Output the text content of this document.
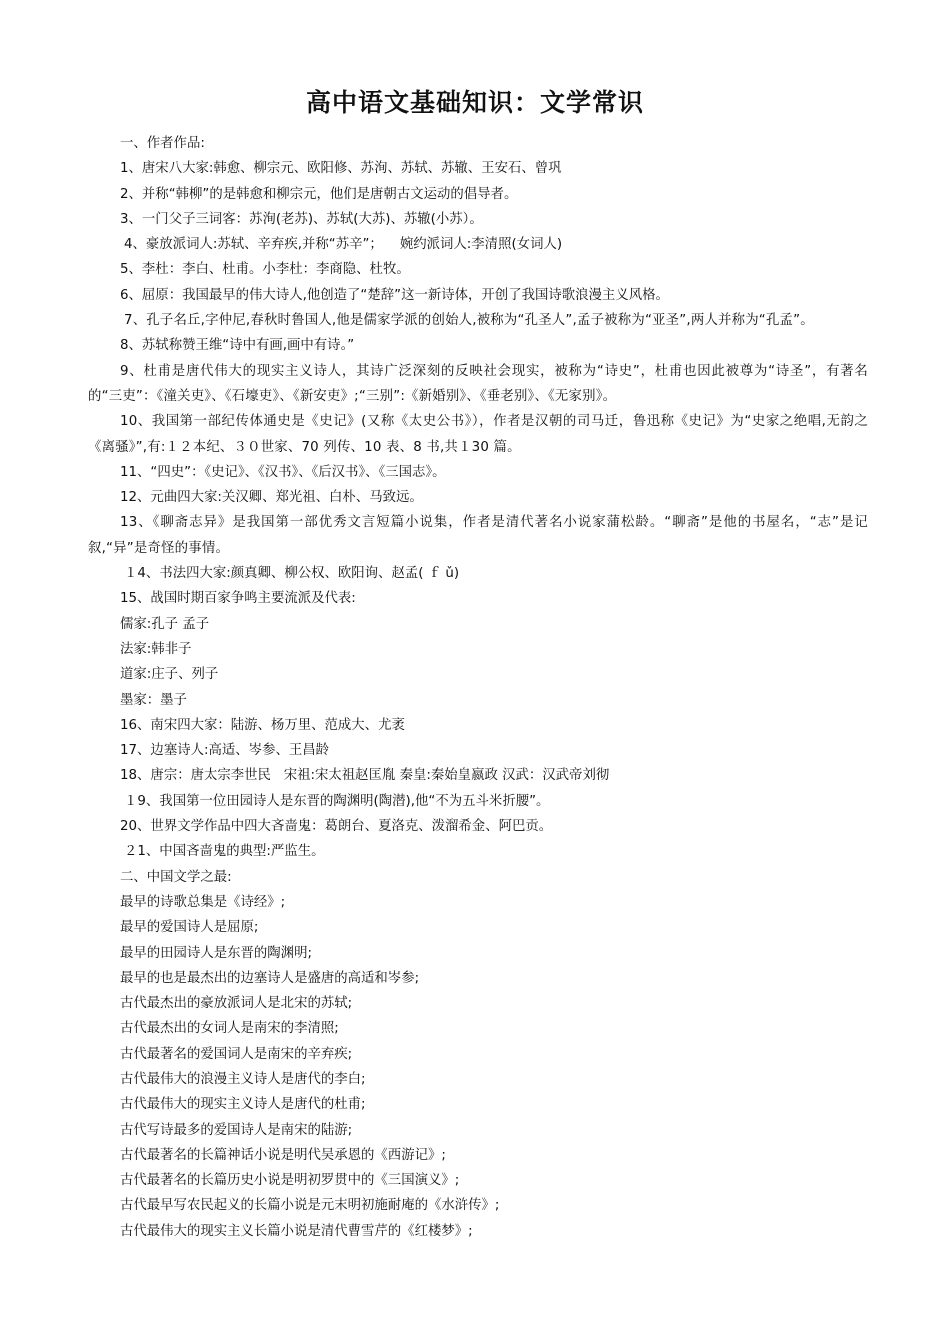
高中语文基础知识：文学常识
一、作者作品:
1、唐宋八大家:韩愈、柳宗元、欧阳修、苏洵、苏轼、苏辙、王安石、曾巩
2、并称“韩柳”的是韩愈和柳宗元，他们是唐朝古文运动的倡导者。
3、一门父子三词客：苏洵(老苏)、苏轼(大苏)、苏辙(小苏）。
4、豪放派词人:苏轼、辛弃疾,并称“苏辛”；    婉约派词人:李清照(女词人)
5、李杜：李白、杜甫。小李杜：李商隐、杜牧。
6、屈原：我国最早的伟大诗人,他创造了“楚辞”这一新诗体，开创了我国诗歌浪漫主义风格。
7、孔子名丘,字仲尼,春秋时鲁国人,他是儒家学派的创始人,被称为“孔圣人”,孟子被称为“亚圣”,两人并称为“孔孟”。
8、苏轼称赞王维“诗中有画,画中有诗。”
9、杜甫是唐代伟大的现实主义诗人，其诗广泛深刻的反映社会现实，被称为“诗史”，杜甫也因此被尊为“诗圣”，有著名的“三吏”：《潼关吏》、《石壕吏》、《新安吏》;“三别”:《新婚别》、《垂老别》、《无家别》。
10、我国第一部纪传体通史是《史记》(又称《太史公书》），作者是汉朝的司马迁，鲁迅称《史记》为“史家之绝唱,无韵之《离骚》”,有:１２本纪、３０世家、70 列传、10 表、8 书,共１30 篇。
11、“四史”：《史记》、《汉书》、《后汉书》、《三国志》。
12、元曲四大家:关汉卿、郑光祖、白朴、马致远。
13、《聊斋志异》是我国第一部优秀文言短篇小说集，作者是清代著名小说家蒲松龄。“聊斋”是他的书屋名，“志”是记叙,“异”是奇怪的事情。
１4、书法四大家:颜真卿、柳公权、欧阳询、赵孟( ｆ ǔ)
15、战国时期百家争鸣主要流派及代表:
儒家:孔子 孟子
法家:韩非子
道家:庄子、列子
墨家：墨子
16、南宋四大家：陆游、杨万里、范成大、尤袤
17、边塞诗人:高适、岑参、王昌龄
18、唐宗：唐太宗李世民   宋祖:宋太祖赵匡胤 秦皇:秦始皇嬴政 汉武：汉武帝刘彻
１9、我国第一位田园诗人是东晋的陶渊明(陶潜),他“不为五斗米折腰”。
20、世界文学作品中四大吝啬鬼：葛朗台、夏洛克、泼溜希金、阿巴贡。
２1、中国吝啬鬼的典型:严监生。
二、中国文学之最:
最早的诗歌总集是《诗经》;
最早的爱国诗人是屈原;
最早的田园诗人是东晋的陶渊明;
最早的也是最杰出的边塞诗人是盛唐的高适和岑参;
古代最杰出的豪放派词人是北宋的苏轼;
古代最杰出的女词人是南宋的李清照;
古代最著名的爱国词人是南宋的辛弃疾;
古代最伟大的浪漫主义诗人是唐代的李白;
古代最伟大的现实主义诗人是唐代的杜甫;
古代写诗最多的爱国诗人是南宋的陆游;
古代最著名的长篇神话小说是明代吴承恩的《西游记》;
古代最著名的长篇历史小说是明初罗贯中的《三国演义》;
古代最早写农民起义的长篇小说是元末明初施耐庵的《水浒传》;
古代最伟大的现实主义长篇小说是清代曹雪芹的《红楼梦》;
